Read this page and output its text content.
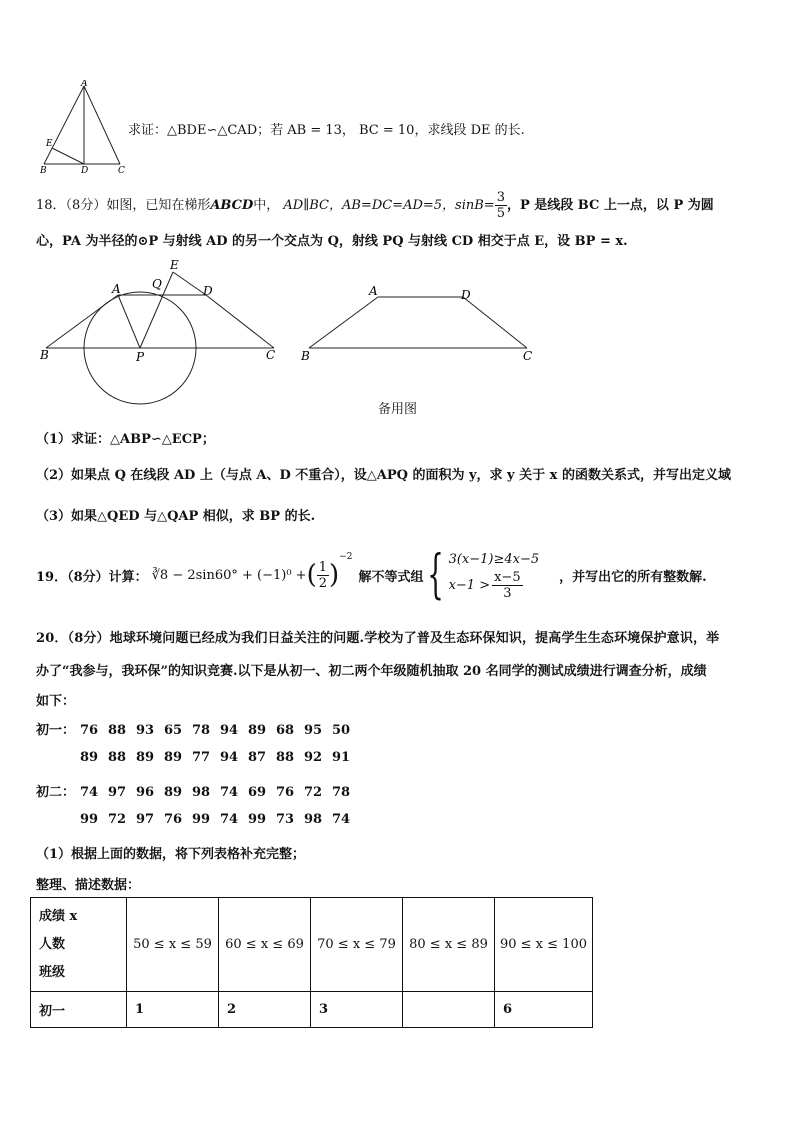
A
E
B	D	C
求证：△BDE∽△CAD；若 AB = 13， BC = 10，求线段 DE 的长.
18．（8分）如图，已知在梯形ABCD中， AD∥BC，AB=DC=AD=5，$\sin B= \frac{3}{5}$ ，P 是线段 BC 上一点，以 P 为圆
心，PA 为半径的⊙P 与射线 AD 的另一个交点为 Q，射线 PQ 与射线 CD 相交于点 E，设 BP = x.
E
A	Q	D
B	P	C
A	D
B	C
备用图
（1）求证：△ABP∽△ECP；
（2）如果点 Q 在线段 AD 上（与点 A、D 不重合），设△APQ 的面积为 y，求 y 关于 x 的函数关系式，并写出定义域
（3）如果△QED 与△QAP 相似，求 BP 的长.
19．（8分）计算： ∛8 − 2sin60° + (−1)⁰ + ( $\frac{1}{2}$ )
−2
解不等式组 { 3(x−1)≥4x−5
$x-1 > \frac{x-5}{3}$	，并写出它的所有整数解.
20．（8分）地球环境问题已经成为我们日益关注的问题.学校为了普及生态环保知识，提高学生生态环境保护意识，举
办了“我参与，我环保”的知识竞赛.以下是从初一、初二两个年级随机抽取 20 名同学的测试成绩进行调查分析，成绩
如下：
初一： 76 88 93 65 78 94 89 68 95 50
89 88 89 89 77 94 87 88 92 91
初二： 74 97 96 89 98 74 69 76 72 78
99 72 97 76 99 74 99 73 98 74
（1）根据上面的数据，将下列表格补充完整；
整理、描述数据：
成绩 x
人数
班级	50 ≤ x ≤ 59	60 ≤ x ≤ 69	70 ≤ x ≤ 79	80 ≤ x ≤ 89	90 ≤ x ≤ 100
初一	1	2	3		6
